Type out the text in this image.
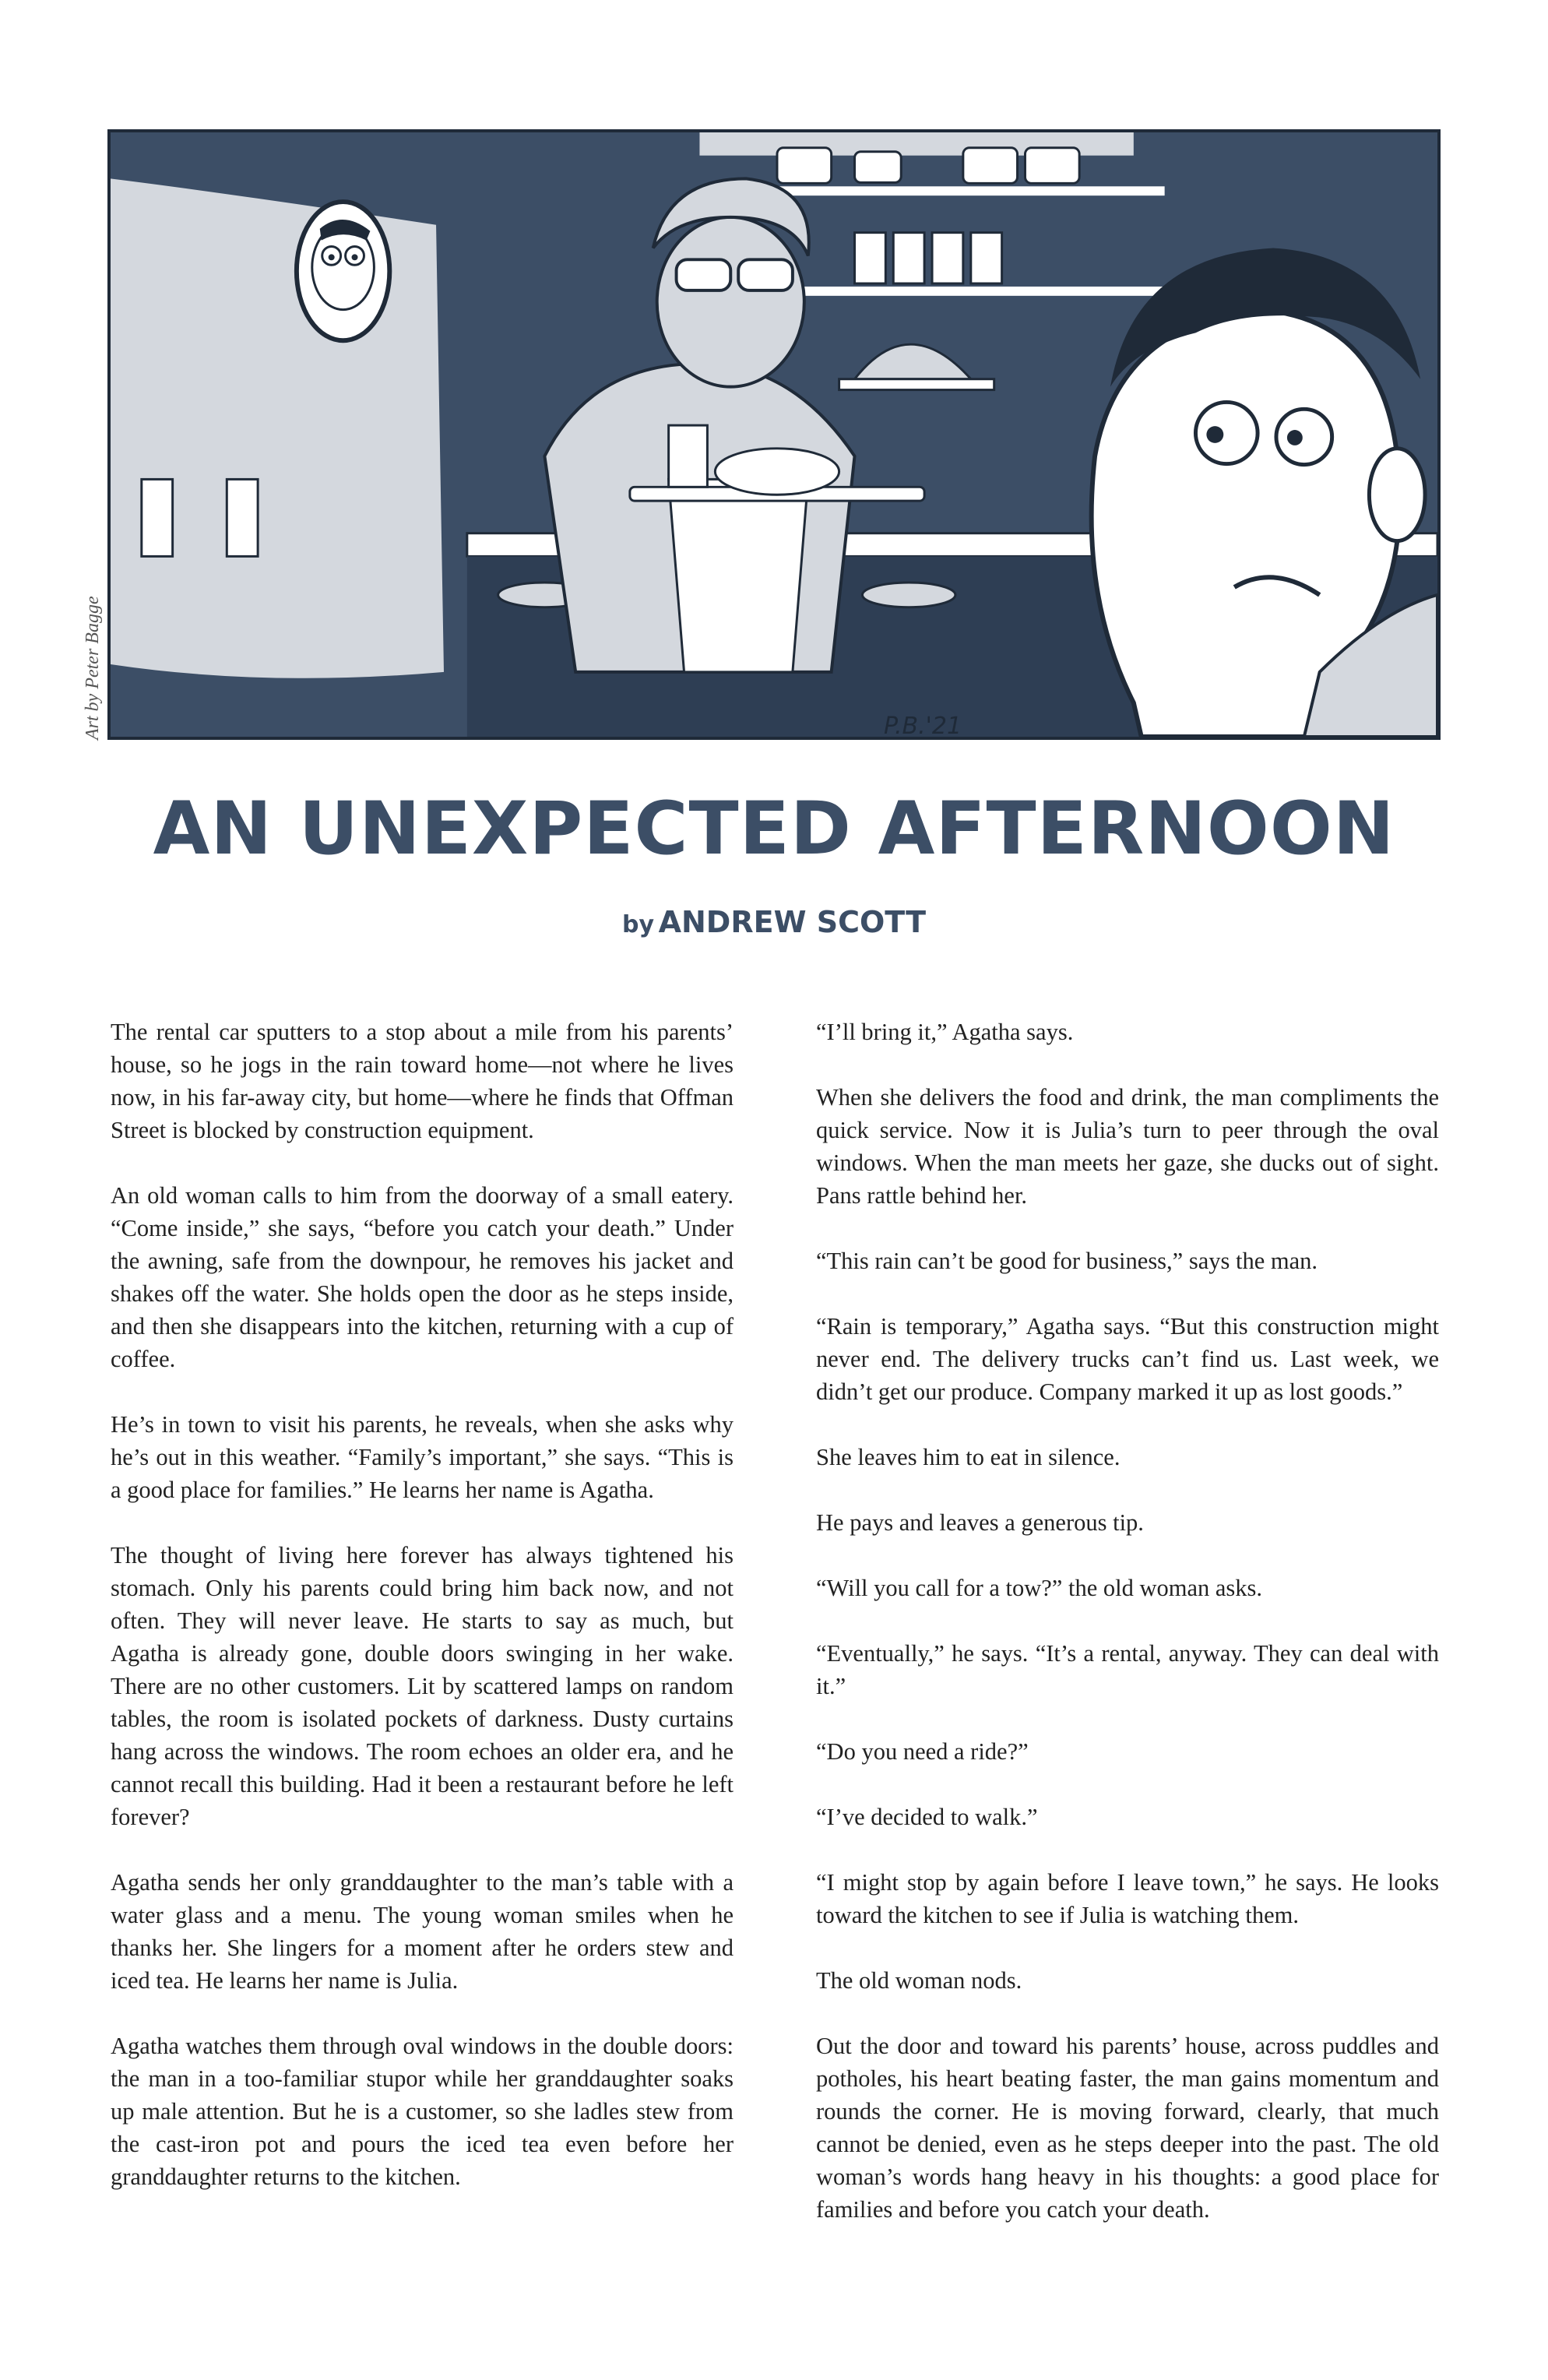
Art by Peter Bagge	P.B.'21
AN UNEXPECTED AFTERNOON
by ANDREW SCOTT

The rental car sputters to a stop about a mile from his parents’ house, so he jogs in the rain toward home—not where he lives now, in his far-away city, but home—where he finds that Offman Street is blocked by construction equipment.

An old woman calls to him from the doorway of a small eatery. “Come inside,” she says, “before you catch your death.” Under the awning, safe from the downpour, he removes his jacket and shakes off the water. She holds open the door as he steps inside, and then she disappears into the kitchen, returning with a cup of coffee.

He’s in town to visit his parents, he reveals, when she asks why he’s out in this weather. “Family’s important,” she says. “This is a good place for families.” He learns her name is Agatha.

The thought of living here forever has always tightened his stomach. Only his parents could bring him back now, and not often. They will never leave. He starts to say as much, but Agatha is already gone, double doors swinging in her wake. There are no other customers. Lit by scattered lamps on random tables, the room is isolated pockets of darkness. Dusty curtains hang across the windows. The room echoes an older era, and he cannot recall this building. Had it been a restaurant before he left forever?

Agatha sends her only granddaughter to the man’s table with a water glass and a menu. The young woman smiles when he thanks her. She lingers for a moment after he orders stew and iced tea. He learns her name is Julia.

Agatha watches them through oval windows in the double doors: the man in a too-familiar stupor while her granddaughter soaks up male attention. But he is a customer, so she ladles stew from the cast-iron pot and pours the iced tea even before her granddaughter returns to the kitchen.

“I’ll bring it,” Agatha says.

When she delivers the food and drink, the man compliments the quick service. Now it is Julia’s turn to peer through the oval windows. When the man meets her gaze, she ducks out of sight. Pans rattle behind her.

“This rain can’t be good for business,” says the man.

“Rain is temporary,” Agatha says. “But this construction might never end. The delivery trucks can’t find us. Last week, we didn’t get our produce. Company marked it up as lost goods.”

She leaves him to eat in silence.

He pays and leaves a generous tip.

“Will you call for a tow?” the old woman asks.

“Eventually,” he says. “It’s a rental, anyway. They can deal with it.”

“Do you need a ride?”

“I’ve decided to walk.”

“I might stop by again before I leave town,” he says. He looks toward the kitchen to see if Julia is watching them.

The old woman nods.

Out the door and toward his parents’ house, across puddles and potholes, his heart beating faster, the man gains momentum and rounds the corner. He is moving forward, clearly, that much cannot be denied, even as he steps deeper into the past. The old woman’s words hang heavy in his thoughts: a good place for families and before you catch your death.
